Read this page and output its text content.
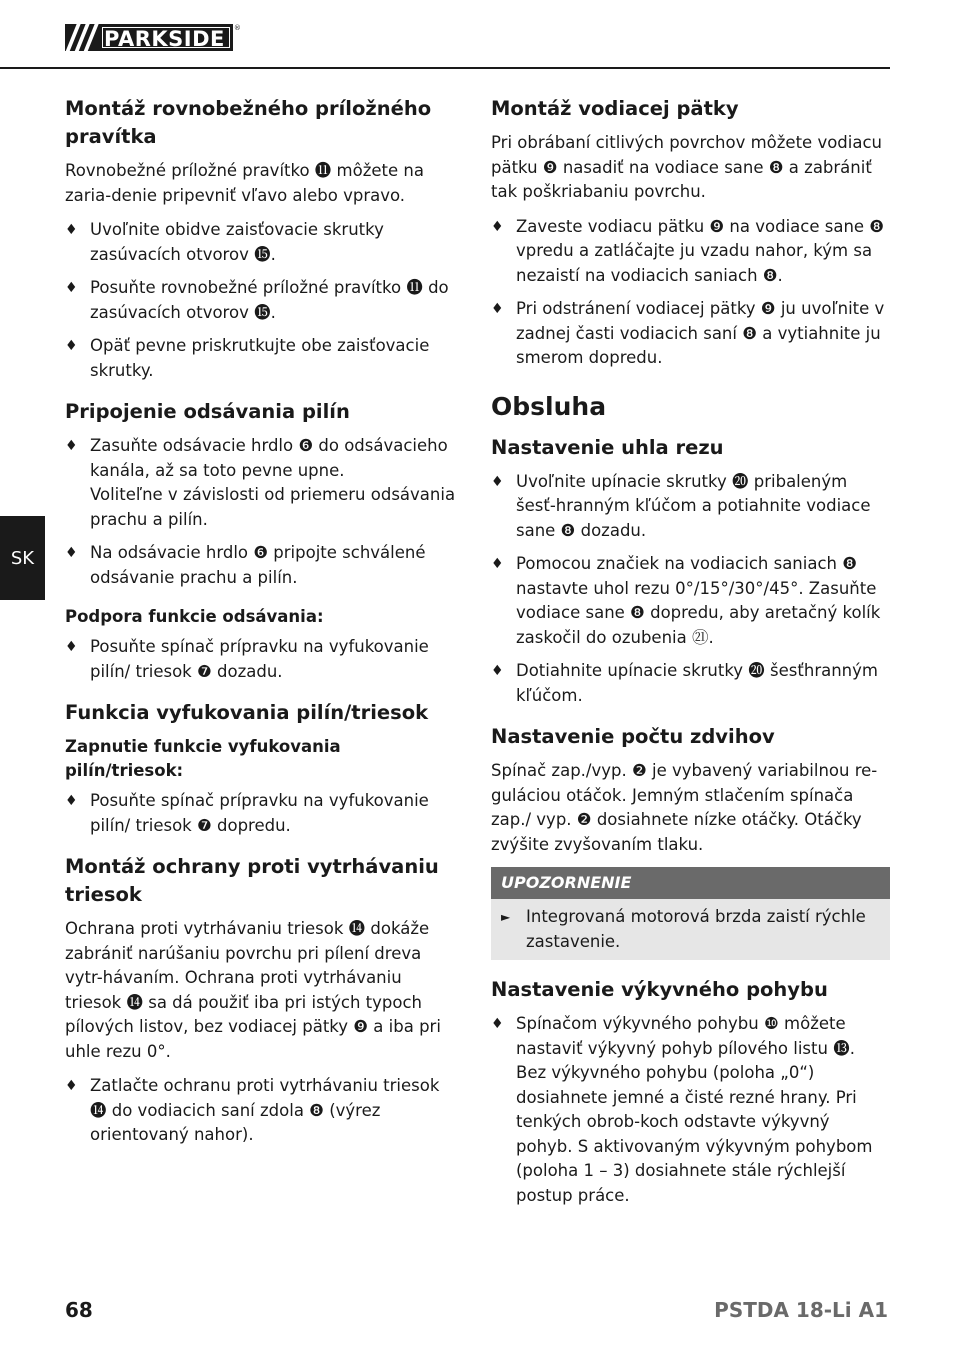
PARKSIDE	®
SK
Montáž rovnobežného príložného pravítka

Rovnobežné príložné pravítko ⓫ môžete na zaria-denie pripevniť vľavo alebo vpravo.

♦ Uvoľnite obidve zaisťovacie skrutky zasúvacích otvorov ⓯.
♦ Posuňte rovnobežné príložné pravítko ⓫ do zasúvacích otvorov ⓯.
♦ Opäť pevne priskrutkujte obe zaisťovacie skrutky.
Pripojenie odsávania pilín
♦ Zasuňte odsávacie hrdlo ❻ do odsávacieho kanála, až sa toto pevne upne.
Voliteľne v závislosti od priemeru odsávania prachu a pilín.
♦ Na odsávacie hrdlo ❻ pripojte schválené odsávanie prachu a pilín.
Podpora funkcie odsávania:
♦ Posuňte spínač prípravku na vyfukovanie pilín/ triesok ❼ dozadu.
Funkcia vyfukovania pilín/triesok
Zapnutie funkcie vyfukovania pilín/triesok:
♦ Posuňte spínač prípravku na vyfukovanie pilín/ triesok ❼ dopredu.
Montáž ochrany proti vytrhávaniu triesok

Ochrana proti vytrhávaniu triesok ⓮ dokáže zabrániť narúšaniu povrchu pri pílení dreva vytr-hávaním. Ochrana proti vytrhávaniu triesok ⓮ sa dá použiť iba pri istých typoch pílových listov, bez vodiacej pätky ❾ a iba pri uhle rezu 0°.

♦ Zatlačte ochranu proti vytrhávaniu triesok ⓮ do vodiacich saní zdola ❽ (výrez orientovaný nahor).
Montáž vodiacej pätky

Pri obrábaní citlivých povrchov môžete vodiacu pätku ❾ nasadiť na vodiace sane ❽ a zabrániť tak poškriabaniu povrchu.

♦ Zaveste vodiacu pätku ❾ na vodiace sane ❽ vpredu a zatláčajte ju vzadu nahor, kým sa nezaistí na vodiacich saniach ❽.
♦ Pri odstránení vodiacej pätky ❾ ju uvoľnite v zadnej časti vodiacich saní ❽ a vytiahnite ju smerom dopredu.
Obsluha
Nastavenie uhla rezu
♦ Uvoľnite upínacie skrutky ⓴ pribaleným šesť-hranným kľúčom a potiahnite vodiace sane ❽ dozadu.
♦ Pomocou značiek na vodiacich saniach ❽ nastavte uhol rezu 0°/15°/30°/45°. Zasuňte vodiace sane ❽ dopredu, aby aretačný kolík zaskočil do ozubenia ㉑.
♦ Dotiahnite upínacie skrutky ⓴ šesťhranným kľúčom.
Nastavenie počtu zdvihov

Spínač zap./vyp. ❷ je vybavený variabilnou re-guláciou otáčok. Jemným stlačením spínača zap./ vyp. ❷ dosiahnete nízke otáčky. Otáčky zvýšite zvyšovaním tlaku.

UPOZORNENIE
► Integrovaná motorová brzda zaistí rýchle zastavenie.
Nastavenie výkyvného pohybu
♦ Spínačom výkyvného pohybu ❿ môžete nastaviť výkyvný pohyb pílového listu ⓭. Bez výkyvného pohybu (poloha „0“) dosiahnete jemné a čisté rezné hrany. Pri tenkých obrob-koch odstavte výkyvný pohyb. S aktivovaným výkyvným pohybom (poloha 1 – 3) dosiahnete stále rýchlejší postup práce.
68	PSTDA 18-Li A1
